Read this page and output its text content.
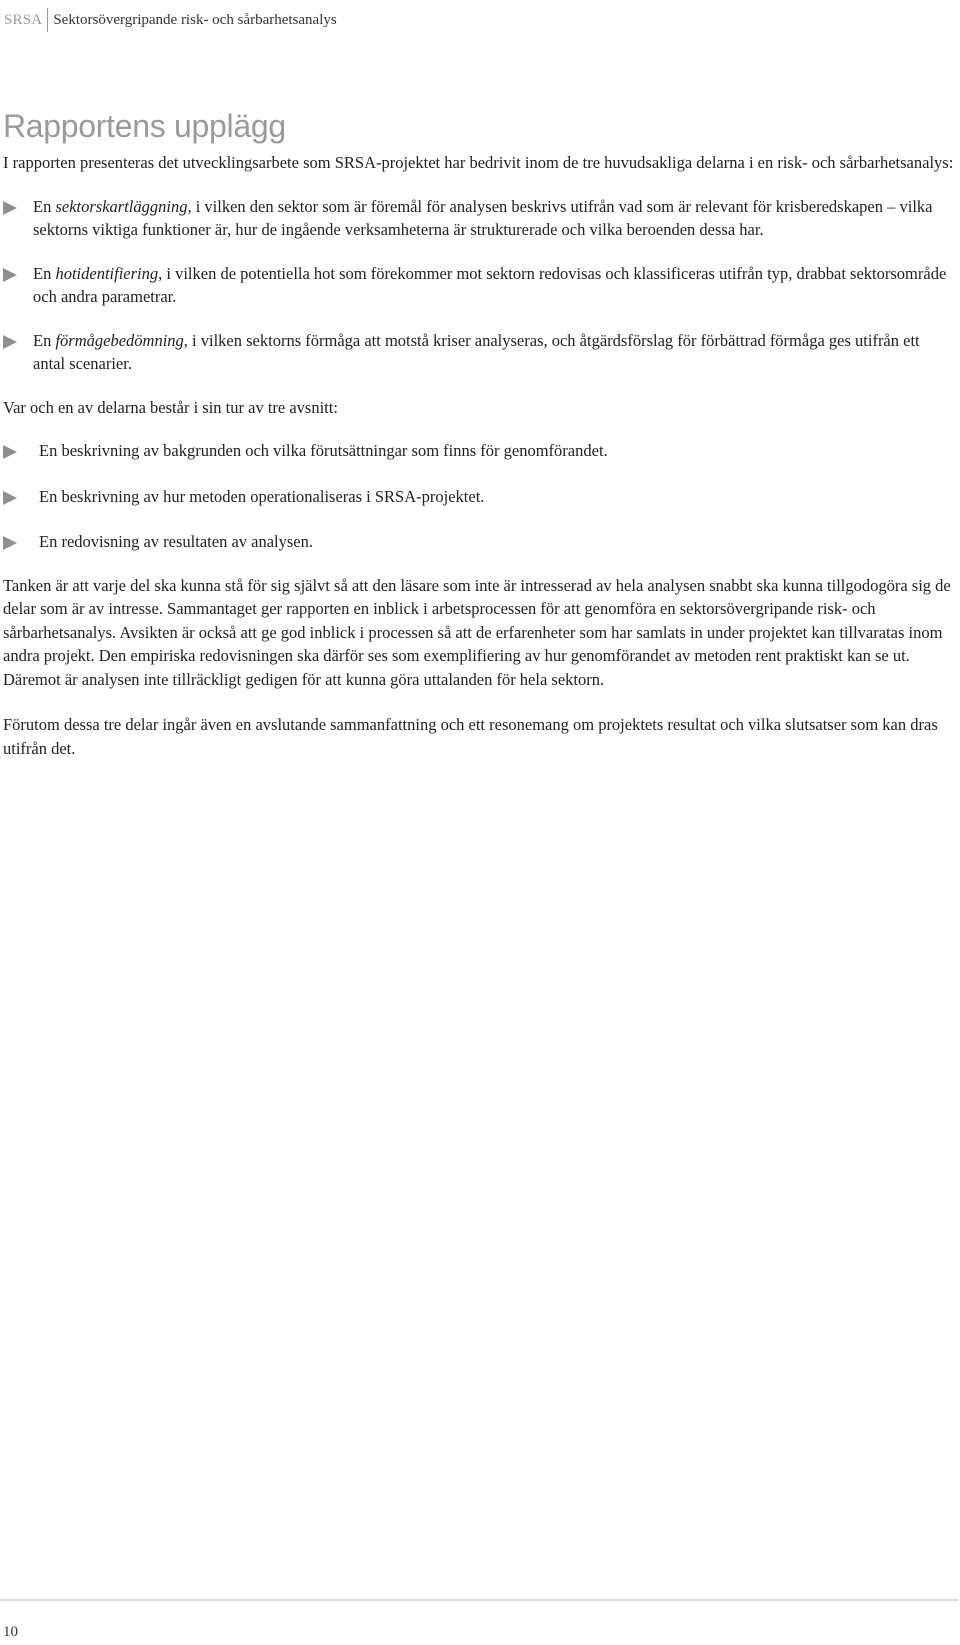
SRSA Sektorsövergripande risk- och sårbarhetsanalys
Rapportens upplägg

I rapporten presenteras det utvecklingsarbete som SRSA-projektet har bedrivit inom de tre huvudsakliga delarna i en risk- och sårbarhetsanalys:

En sektorskartläggning, i vilken den sektor som är föremål för analysen beskrivs utifrån vad som är relevant för krisberedskapen – vilka sektorns viktiga funktioner är, hur de ingående verksamheterna är strukturerade och vilka beroenden dessa har.
En hotidentifiering, i vilken de potentiella hot som förekommer mot sektorn redovisas och klassificeras utifrån typ, drabbat sektorsområde och andra parametrar.
En förmågebedömning, i vilken sektorns förmåga att motstå kriser analyseras, och åtgärdsförslag för förbättrad förmåga ges utifrån ett antal scenarier.

Var och en av delarna består i sin tur av tre avsnitt:

En beskrivning av bakgrunden och vilka förutsättningar som finns för genomförandet.
En beskrivning av hur metoden operationaliseras i SRSA-projektet.
En redovisning av resultaten av analysen.

Tanken är att varje del ska kunna stå för sig självt så att den läsare som inte är intresserad av hela analysen snabbt ska kunna tillgodogöra sig de delar som är av intresse. Sammantaget ger rapporten en inblick i arbetsprocessen för att genomföra en sektorsövergripande risk- och sårbarhetsanalys. Avsikten är också att ge god inblick i processen så att de erfarenheter som har samlats in under projektet kan tillvaratas inom andra projekt. Den empiriska redovisningen ska därför ses som exemplifiering av hur genomförandet av metoden rent praktiskt kan se ut. Däremot är analysen inte tillräckligt gedigen för att kunna göra uttalanden för hela sektorn.

Förutom dessa tre delar ingår även en avslutande sammanfattning och ett resonemang om projektets resultat och vilka slutsatser som kan dras utifrån det.

10
